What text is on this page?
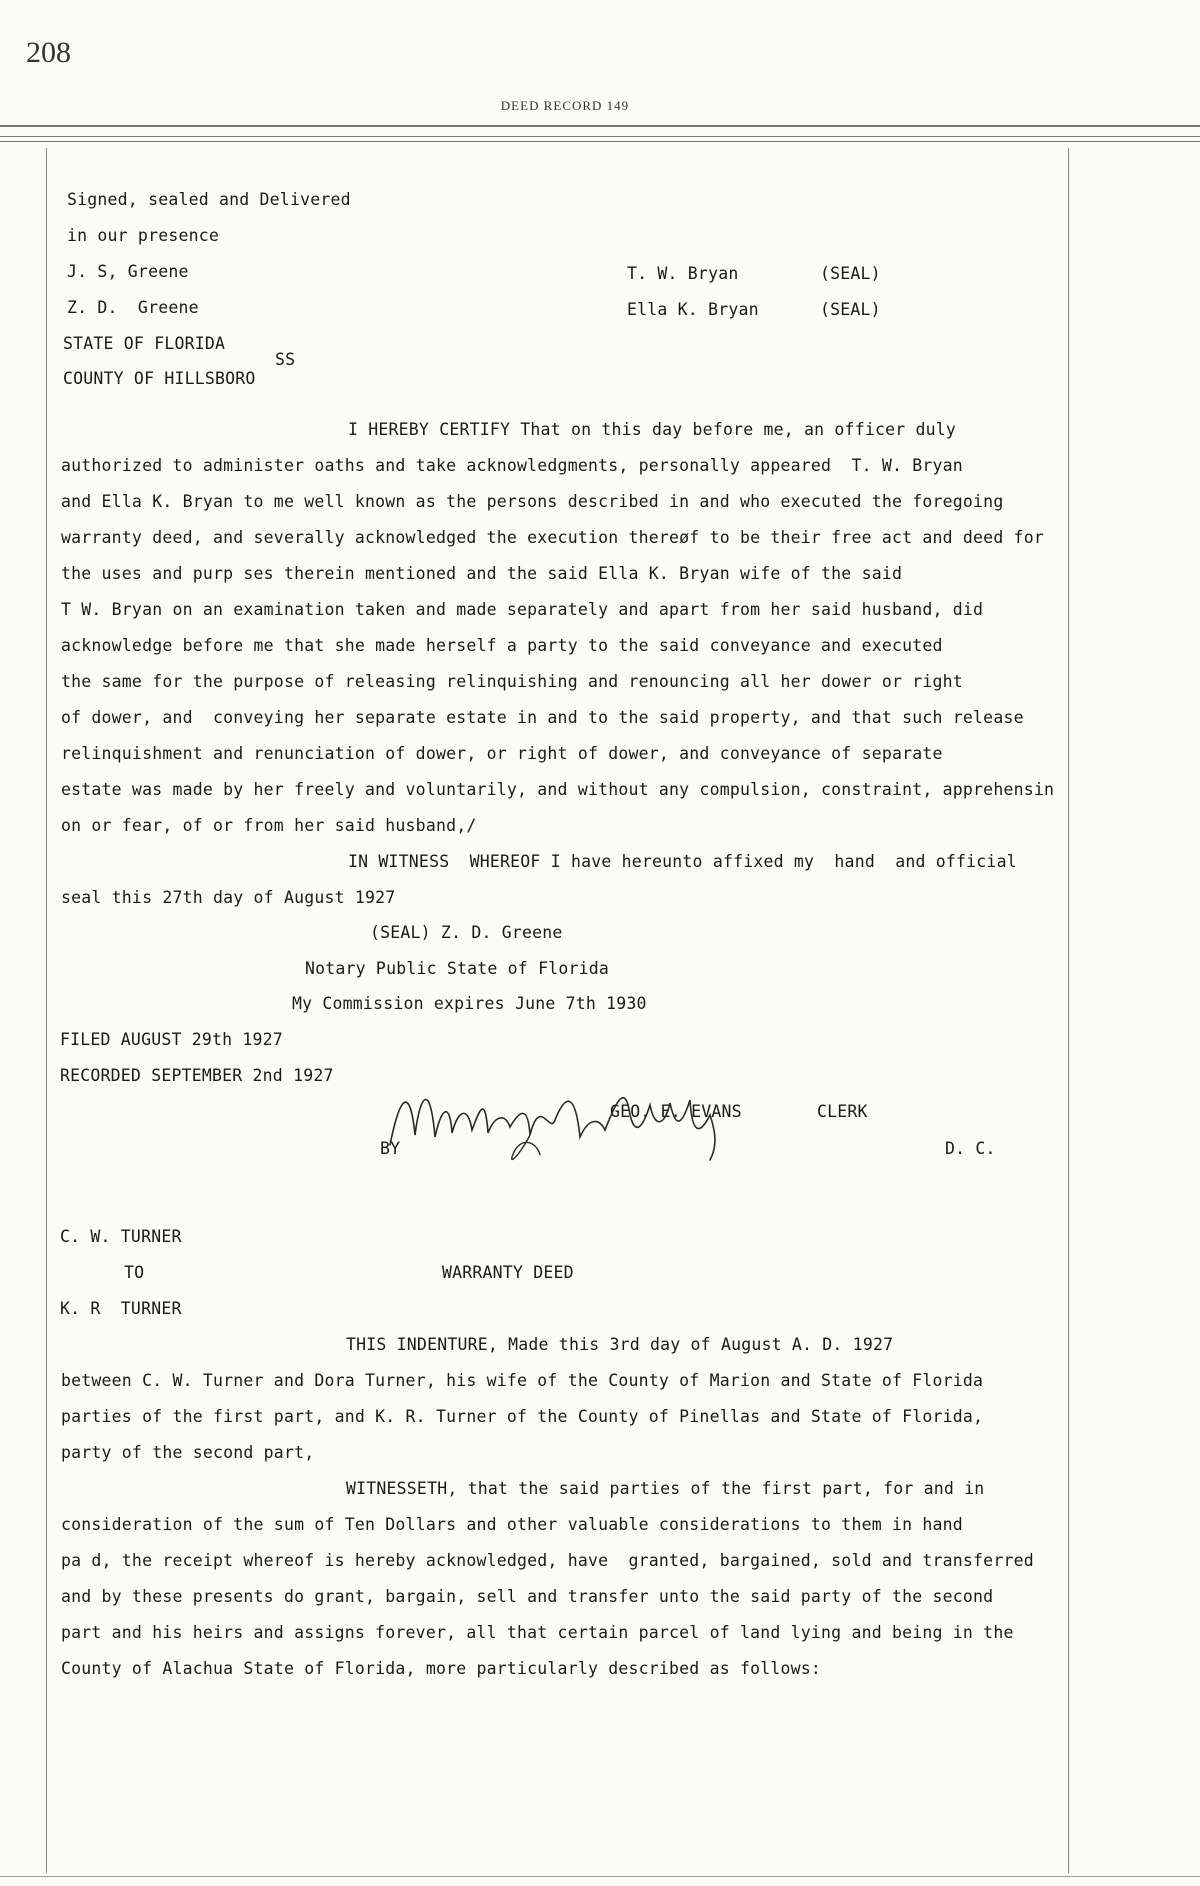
208
DEED RECORD 149
Signed, sealed and Delivered
in our presence
J. S, Greene
Z. D.  Greene
T. W. Bryan	(SEAL)
Ella K. Bryan	(SEAL)
STATE OF FLORIDA
SS
COUNTY OF HILLSBORO
I HEREBY CERTIFY That on this day before me, an officer duly
authorized to administer oaths and take acknowledgments, personally appeared  T. W. Bryan
and Ella K. Bryan to me well known as the persons described in and who executed the foregoing
warranty deed, and severally acknowledged the execution thereøf to be their free act and deed for
the uses and purp ses therein mentioned and the said Ella K. Bryan wife of the said
T W. Bryan on an examination taken and made separately and apart from her said husband, did
acknowledge before me that she made herself a party to the said conveyance and executed
the same for the purpose of releasing relinquishing and renouncing all her dower or right
of dower, and  conveying her separate estate in and to the said property, and that such release
relinquishment and renunciation of dower, or right of dower, and conveyance of separate
estate was made by her freely and voluntarily, and without any compulsion, constraint, apprehensin
on or fear, of or from her said husband,/
IN WITNESS  WHEREOF I have hereunto affixed my  hand  and official
seal this 27th day of August 1927
(SEAL) Z. D. Greene
Notary Public State of Florida
My Commission expires June 7th 1930
FILED AUGUST 29th 1927
RECORDED SEPTEMBER 2nd 1927
GEO. E. EVANS	CLERK
BY	D. C.
C. W. TURNER
TO	WARRANTY DEED
K. R  TURNER
THIS INDENTURE, Made this 3rd day of August A. D. 1927
between C. W. Turner and Dora Turner, his wife of the County of Marion and State of Florida
parties of the first part, and K. R. Turner of the County of Pinellas and State of Florida,
party of the second part,
WITNESSETH, that the said parties of the first part, for and in
consideration of the sum of Ten Dollars and other valuable considerations to them in hand
pa d, the receipt whereof is hereby acknowledged, have  granted, bargained, sold and transferred
and by these presents do grant, bargain, sell and transfer unto the said party of the second
part and his heirs and assigns forever, all that certain parcel of land lying and being in the
County of Alachua State of Florida, more particularly described as follows:
